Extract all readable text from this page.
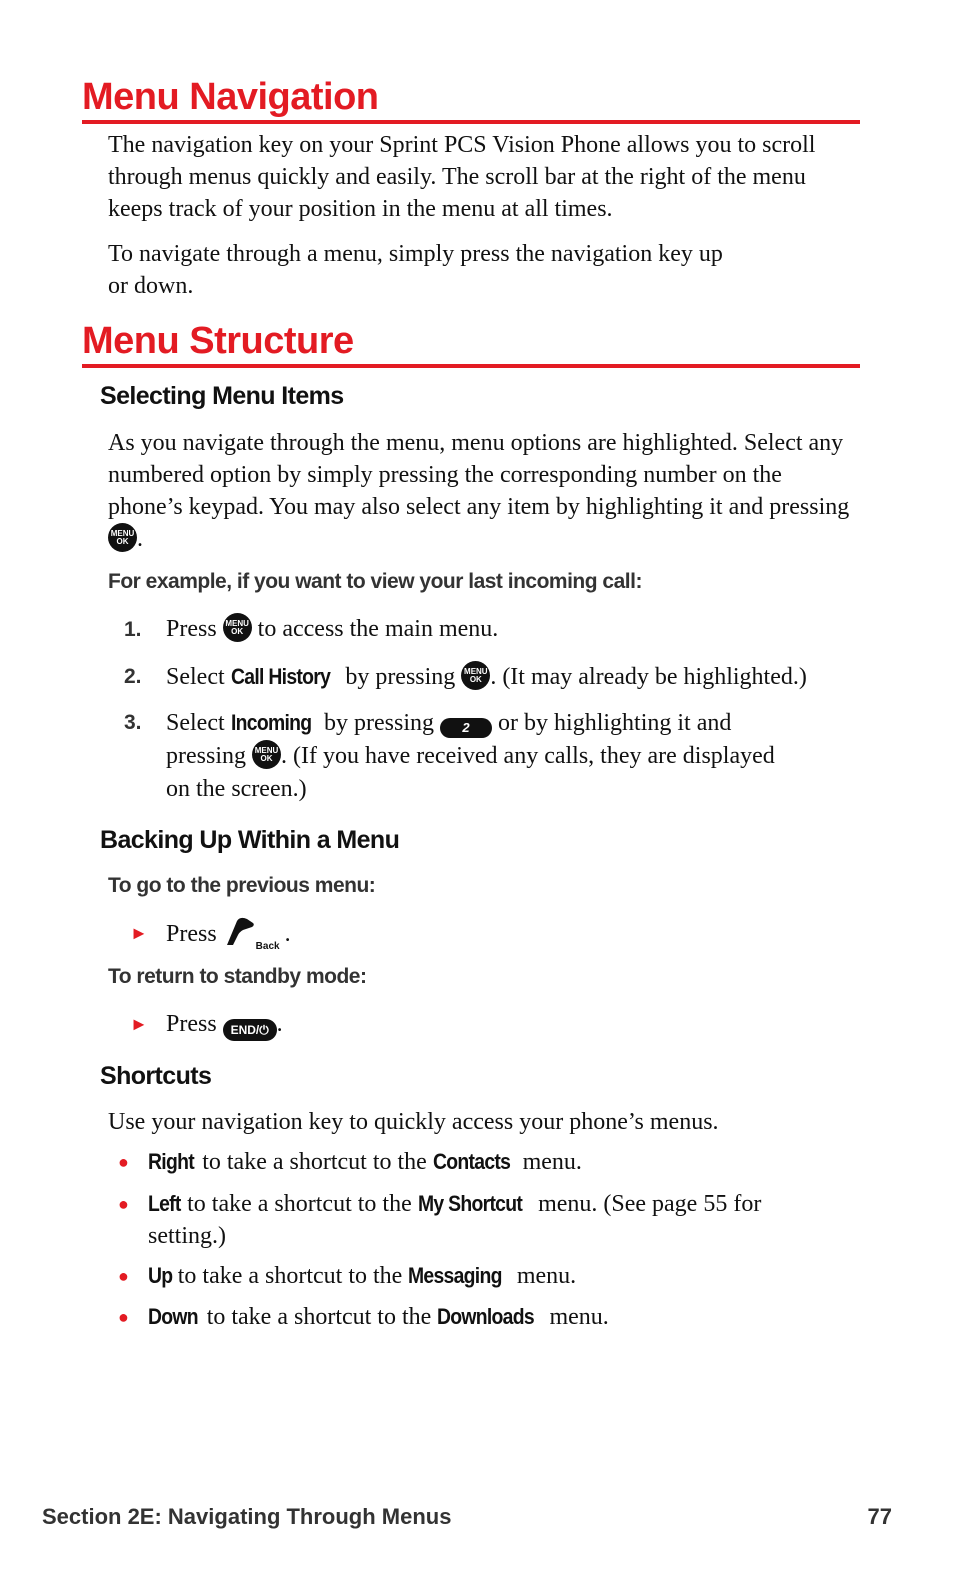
Menu Navigation

The navigation key on your Sprint PCS Vision Phone allows you to scroll through menus quickly and easily. The scroll bar at the right of the menu keeps track of your position in the menu at all times.

To navigate through a menu, simply press the navigation key up
or down.

Menu Structure
Selecting Menu Items

As you navigate through the menu, menu options are highlighted. Select any numbered option by simply pressing the corresponding number on the phone’s keypad. You may also select any item by highlighting it and pressing
MENU
OK .

For example, if you want to view your last incoming call:

1. Press	MENU
OK to access the main menu.
2. Select Call History by pressing	MENU
OK . (It may already be highlighted.)
3. Select Incoming by pressing 2 or by highlighting it and
pressing	MENU
OK . (If you have received any calls, they are displayed
on the screen.)
Backing Up Within a Menu

To go to the previous menu:

► Press	Back .

To return to standby mode:

► Press END/⏻ .
Shortcuts

Use your navigation key to quickly access your phone’s menus.

● Right to take a shortcut to the Contacts menu.
● Left to take a shortcut to the My Shortcut menu. (See page 55 for
setting.)
● Up to take a shortcut to the Messaging menu.
● Down to take a shortcut to the Downloads menu.
Section 2E: Navigating Through Menus	77
